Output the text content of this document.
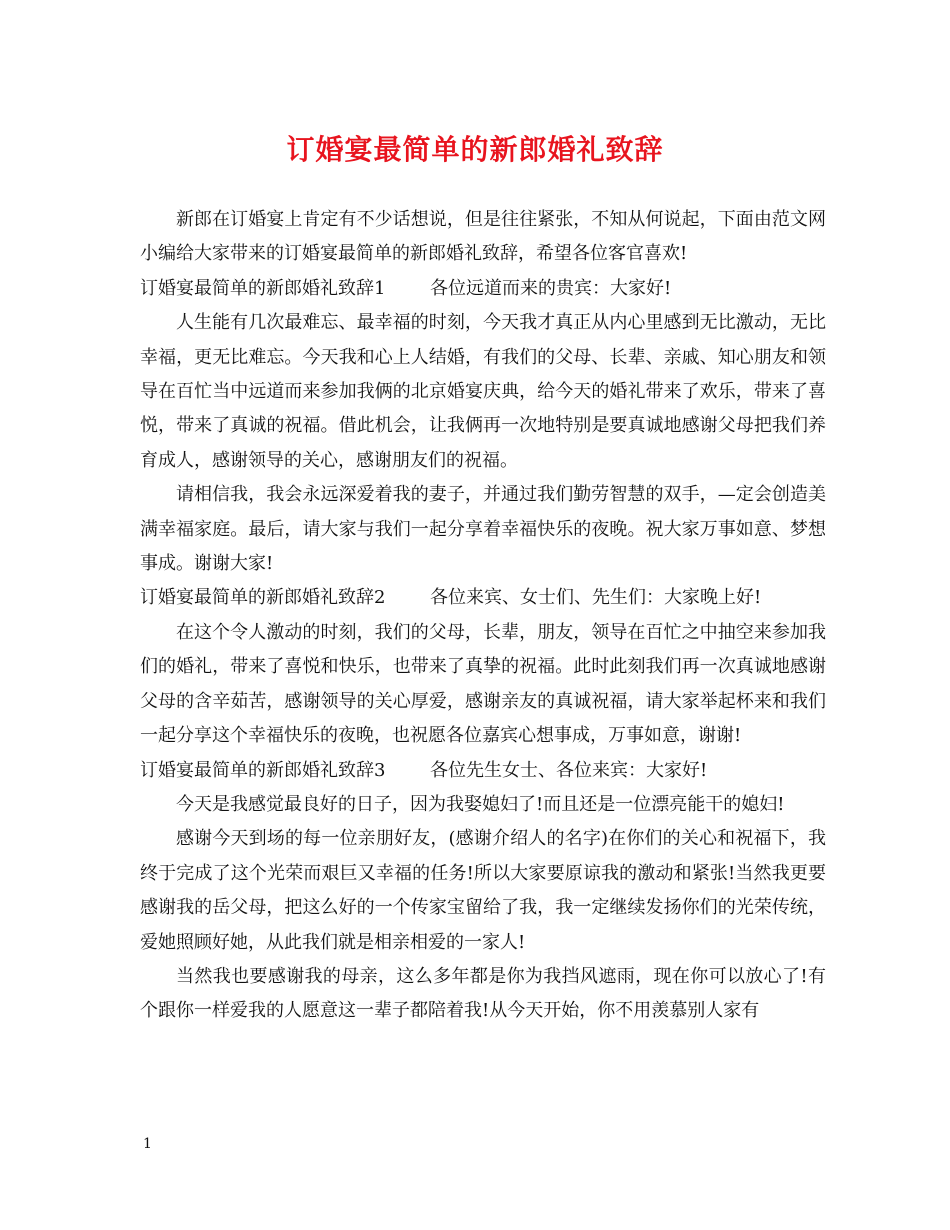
订婚宴最简单的新郎婚礼致辞

新郎在订婚宴上肯定有不少话想说，但是往往紧张，不知从何说起，下面由范文网小编给大家带来的订婚宴最简单的新郎婚礼致辞，希望各位客官喜欢!

订婚宴最简单的新郎婚礼致辞1 各位远道而来的贵宾：大家好!

人生能有几次最难忘、最幸福的时刻，今天我才真正从内心里感到无比激动，无比幸福，更无比难忘。今天我和心上人结婚，有我们的父母、长辈、亲戚、知心朋友和领导在百忙当中远道而来参加我俩的北京婚宴庆典，给今天的婚礼带来了欢乐，带来了喜悦，带来了真诚的祝福。借此机会，让我俩再一次地特别是要真诚地感谢父母把我们养育成人，感谢领导的关心，感谢朋友们的祝福。

请相信我，我会永远深爱着我的妻子，并通过我们勤劳智慧的双手，—定会创造美满幸福家庭。最后，请大家与我们一起分享着幸福快乐的夜晚。祝大家万事如意、梦想事成。谢谢大家!

订婚宴最简单的新郎婚礼致辞2 各位来宾、女士们、先生们：大家晚上好!

在这个令人激动的时刻，我们的父母，长辈，朋友，领导在百忙之中抽空来参加我们的婚礼，带来了喜悦和快乐，也带来了真挚的祝福。此时此刻我们再一次真诚地感谢父母的含辛茹苦，感谢领导的关心厚爱，感谢亲友的真诚祝福，请大家举起杯来和我们一起分享这个幸福快乐的夜晚，也祝愿各位嘉宾心想事成，万事如意，谢谢!

订婚宴最简单的新郎婚礼致辞3 各位先生女士、各位来宾：大家好!

今天是我感觉最良好的日子，因为我娶媳妇了!而且还是一位漂亮能干的媳妇!

感谢今天到场的每一位亲朋好友，(感谢介绍人的名字)在你们的关心和祝福下，我终于完成了这个光荣而艰巨又幸福的任务!所以大家要原谅我的激动和紧张!当然我更要感谢我的岳父母，把这么好的一个传家宝留给了我，我一定继续发扬你们的光荣传统，爱她照顾好她，从此我们就是相亲相爱的一家人!

当然我也要感谢我的母亲，这么多年都是你为我挡风遮雨，现在你可以放心了!有个跟你一样爱我的人愿意这一辈子都陪着我!从今天开始，你不用羡慕别人家有

1
